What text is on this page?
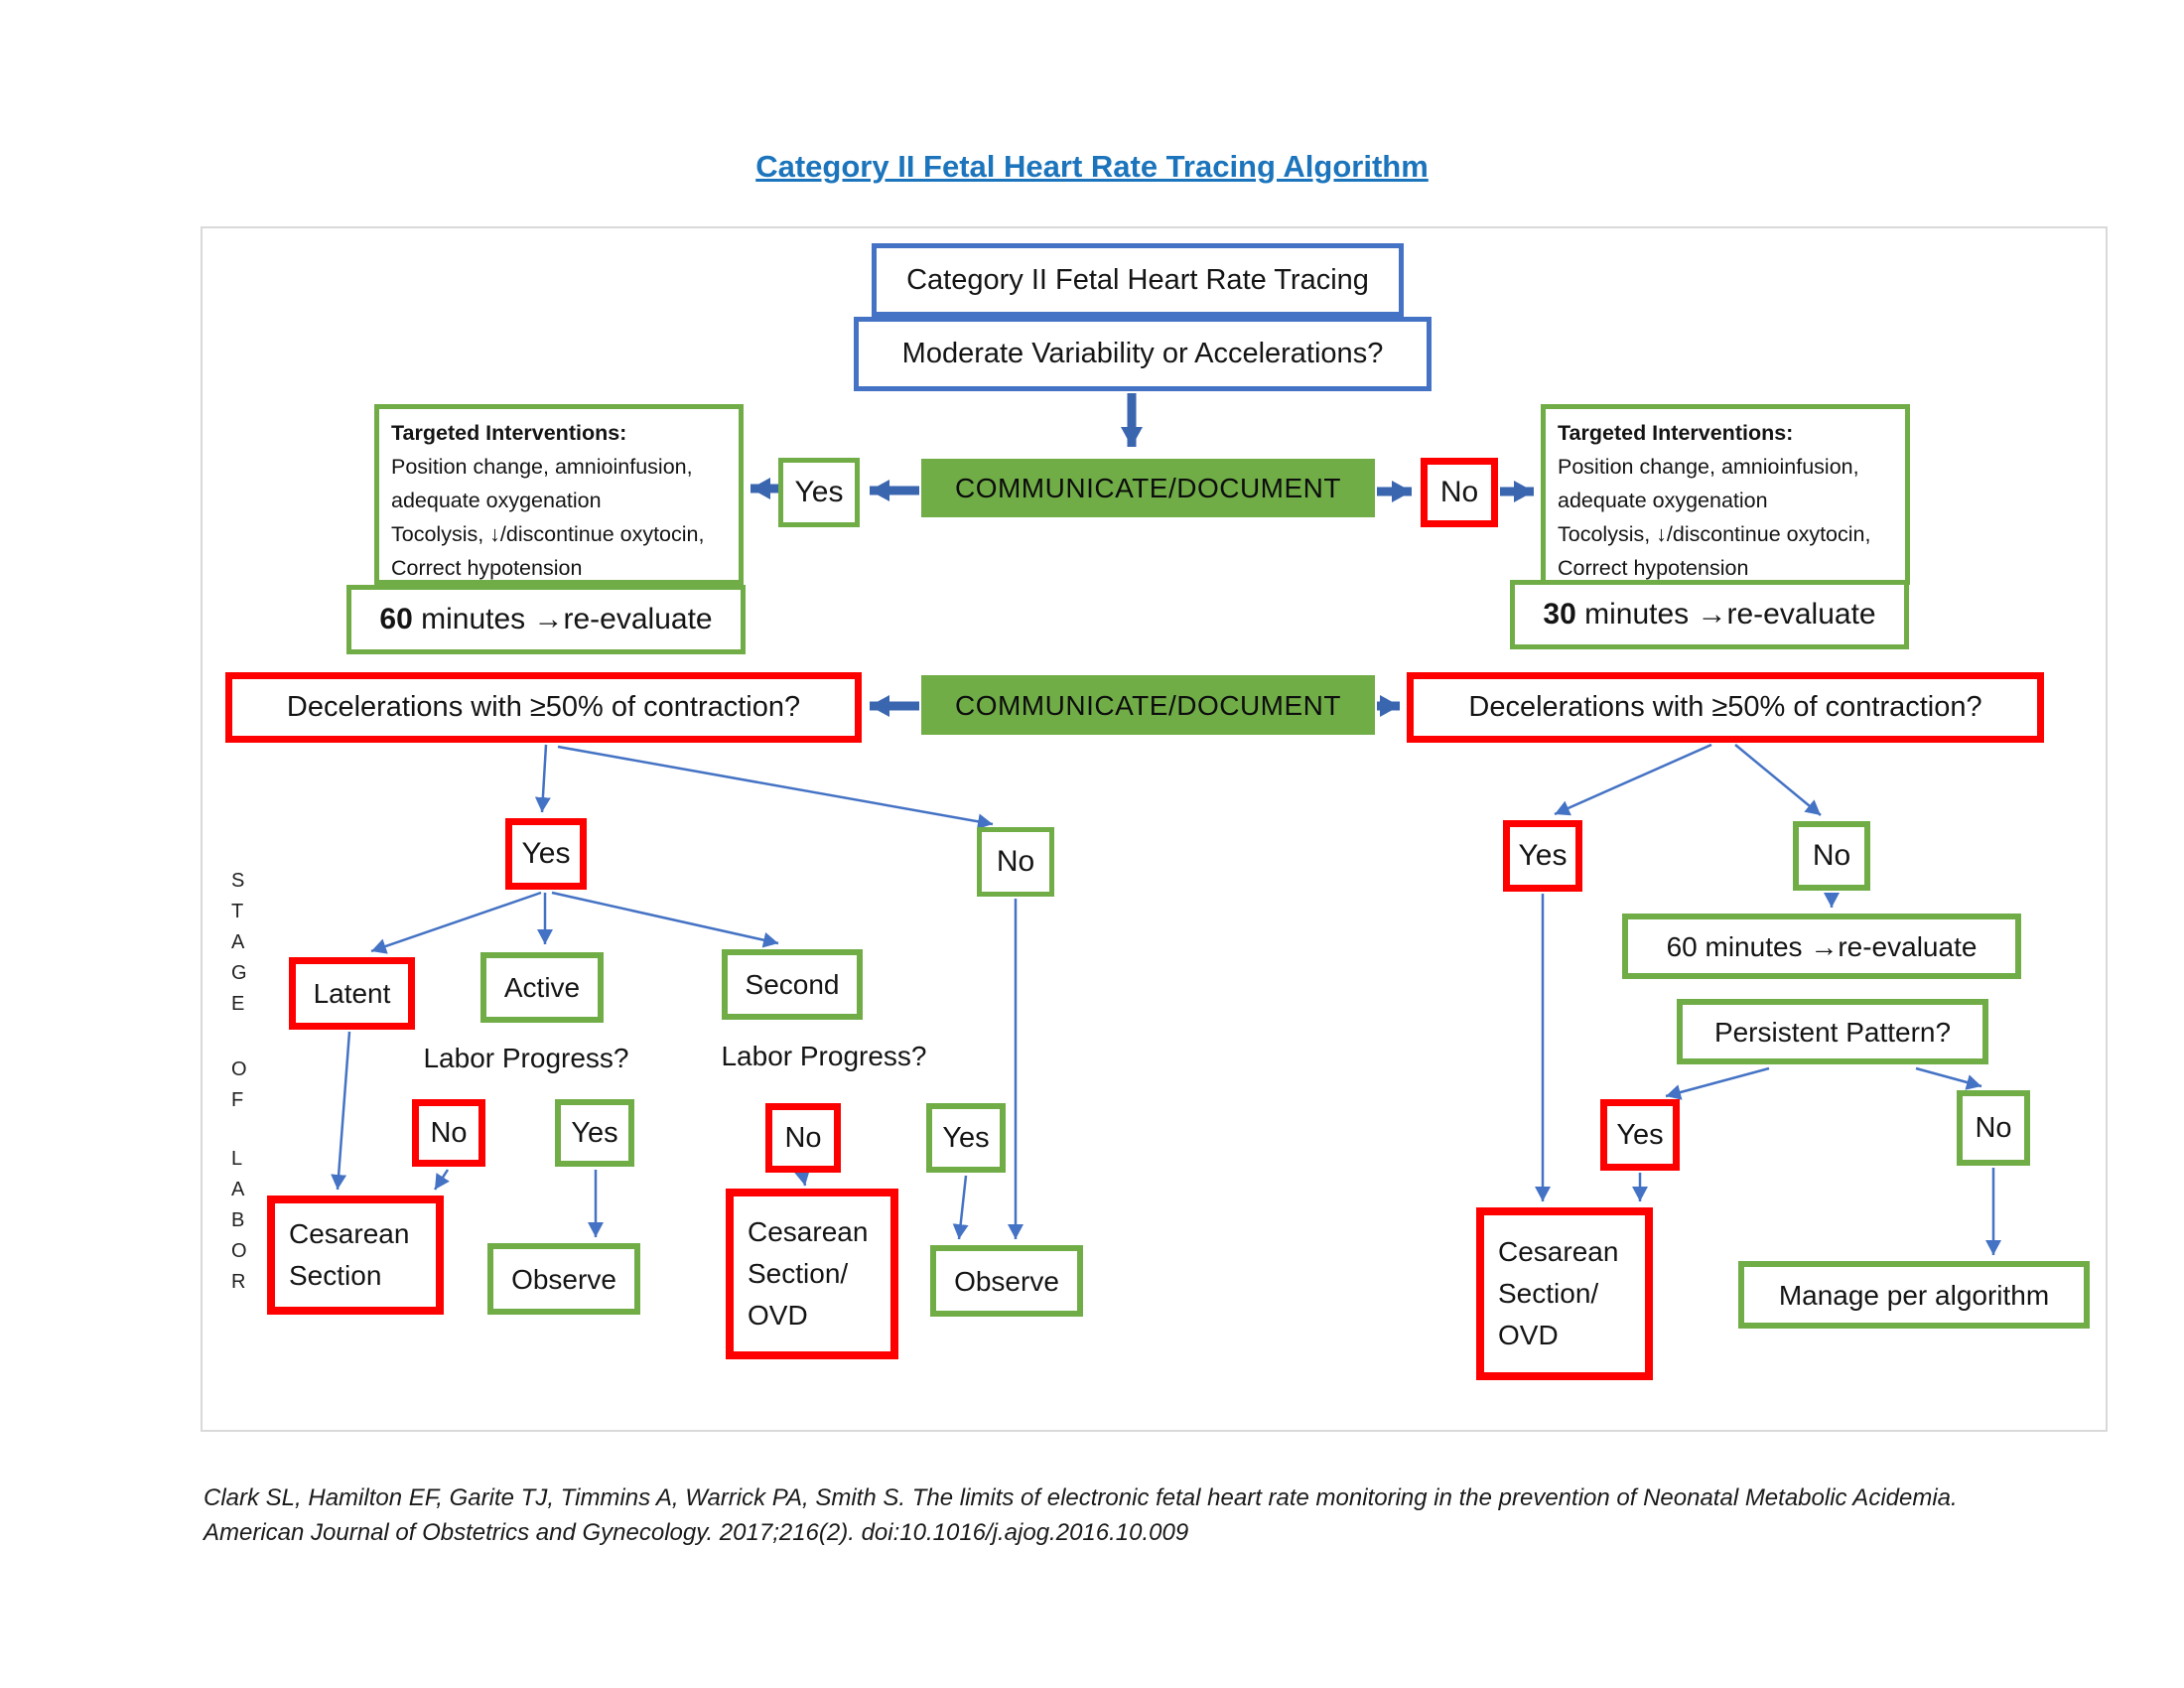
Category II Fetal Heart Rate Tracing Algorithm
Category II Fetal Heart Rate Tracing
Moderate Variability or Accelerations?
COMMUNICATE/DOCUMENT
Yes	No
Targeted Interventions:
Position change, amnioinfusion,
adequate oxygenation
Tocolysis, ↓/discontinue oxytocin,
Correct hypotension
60 minutes →re-evaluate
Targeted Interventions:
Position change, amnioinfusion,
adequate oxygenation
Tocolysis, ↓/discontinue oxytocin,
Correct hypotension
30 minutes →re-evaluate
Decelerations with ≥50% of contraction?	COMMUNICATE/DOCUMENT	Decelerations with ≥50% of contraction?
Yes	No
Latent	Active	Second
Labor Progress?	Labor Progress?
No	Yes	No	Yes
Cesarean Section	Observe
Cesarean Section/ OVD
Observe
Yes	No
60 minutes →re-evaluate
Persistent Pattern?
Yes	No
Cesarean Section/ OVD
Manage per algorithm
STAGE
OF
LABOR
Clark SL, Hamilton EF, Garite TJ, Timmins A, Warrick PA, Smith S. The limits of electronic fetal heart rate monitoring in the prevention of Neonatal Metabolic Acidemia. American Journal of Obstetrics and Gynecology. 2017;216(2). doi:10.1016/j.ajog.2016.10.009
